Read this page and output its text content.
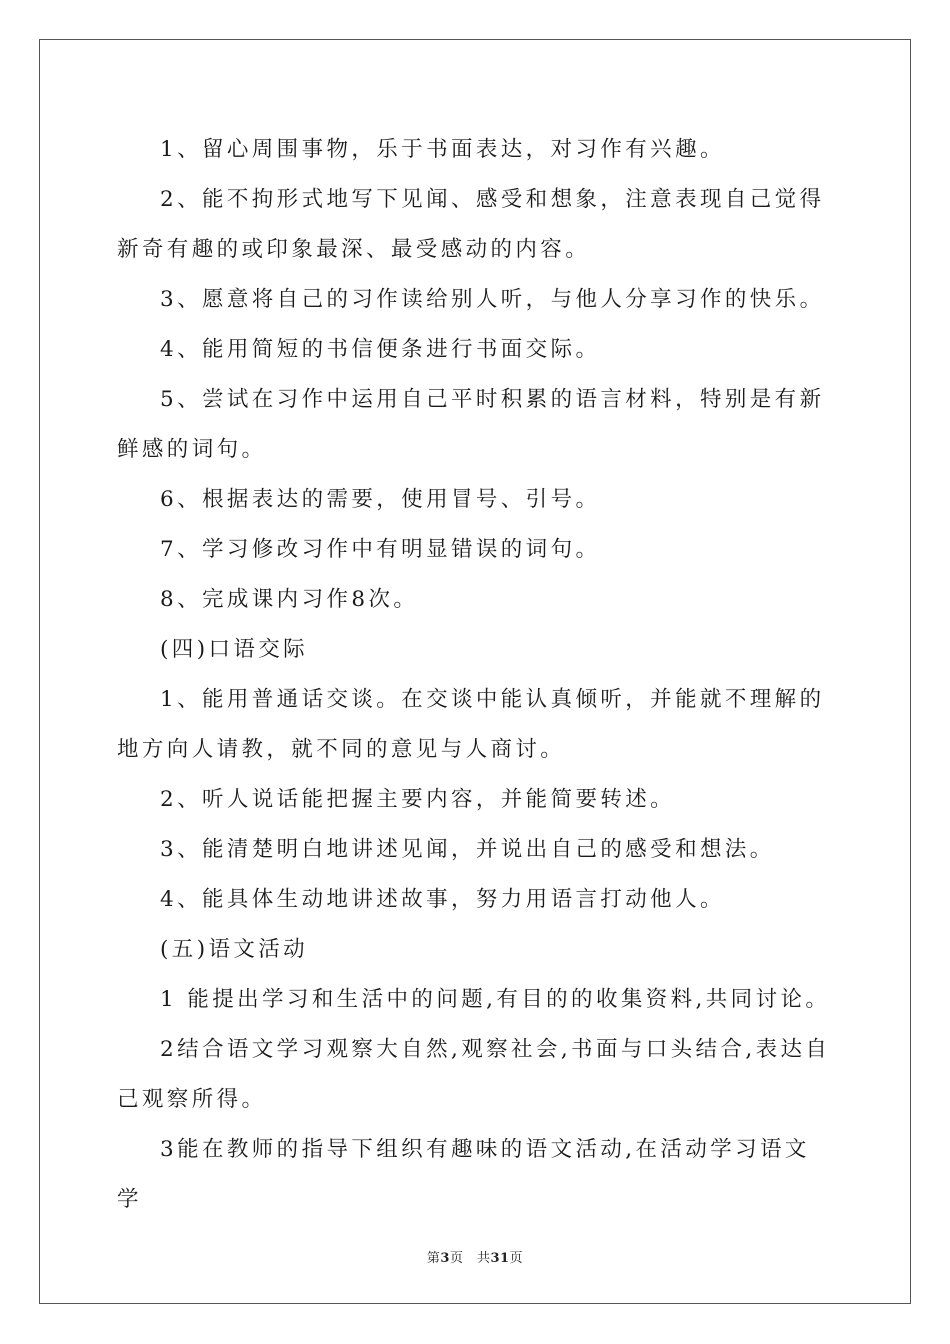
1、留心周围事物，乐于书面表达，对习作有兴趣。

2、能不拘形式地写下见闻、感受和想象，注意表现自己觉得新奇有趣的或印象最深、最受感动的内容。

3、愿意将自己的习作读给别人听，与他人分享习作的快乐。

4、能用简短的书信便条进行书面交际。

5、尝试在习作中运用自己平时积累的语言材料，特别是有新鲜感的词句。

6、根据表达的需要，使用冒号、引号。

7、学习修改习作中有明显错误的词句。

8、完成课内习作8次。

(四)口语交际

1、能用普通话交谈。在交谈中能认真倾听，并能就不理解的地方向人请教，就不同的意见与人商讨。

2、听人说话能把握主要内容，并能简要转述。

3、能清楚明白地讲述见闻，并说出自己的感受和想法。

4、能具体生动地讲述故事，努力用语言打动他人。

(五)语文活动

1 能提出学习和生活中的问题,有目的的收集资料,共同讨论。

2结合语文学习观察大自然,观察社会,书面与口头结合,表达自己观察所得。

3能在教师的指导下组织有趣味的语文活动,在活动学习语文学

第3页　共31页
